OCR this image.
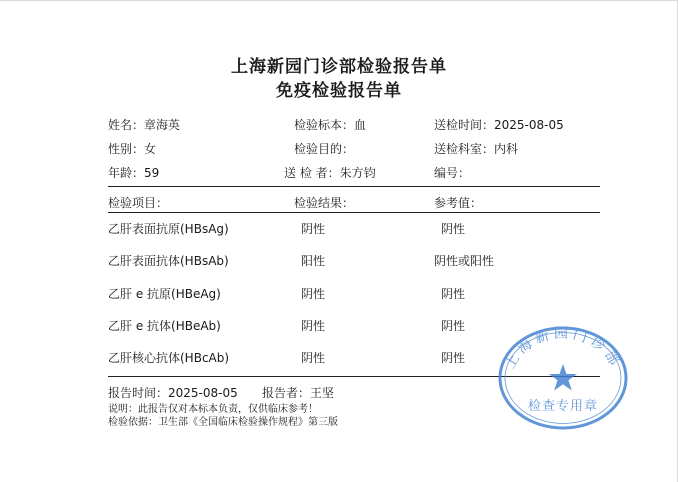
上海新园门诊部检验报告单
免疫检验报告单
姓名：章海英
性别：女
年龄：59
检验标本：血
检验目的：
送 检 者：朱方钧
送检时间：2025-08-05
送检科室：内科
编号：
检验项目：	检验结果：	参考值：
乙肝表面抗原(HBsAg)	阴性	阴性
乙肝表面抗体(HBsAb)	阳性	阴性或阳性
乙肝 e 抗原(HBeAg)	阴性	阴性
乙肝 e 抗体(HBeAb)	阴性	阴性
乙肝核心抗体(HBcAb)	阴性	阴性
报告时间：2025-08-05 报告者：王坚
说明：此报告仅对本标本负责，仅供临床参考！
检验依据：卫生部《全国临床检验操作规程》第三版
上海新园门诊部
检查专用章
